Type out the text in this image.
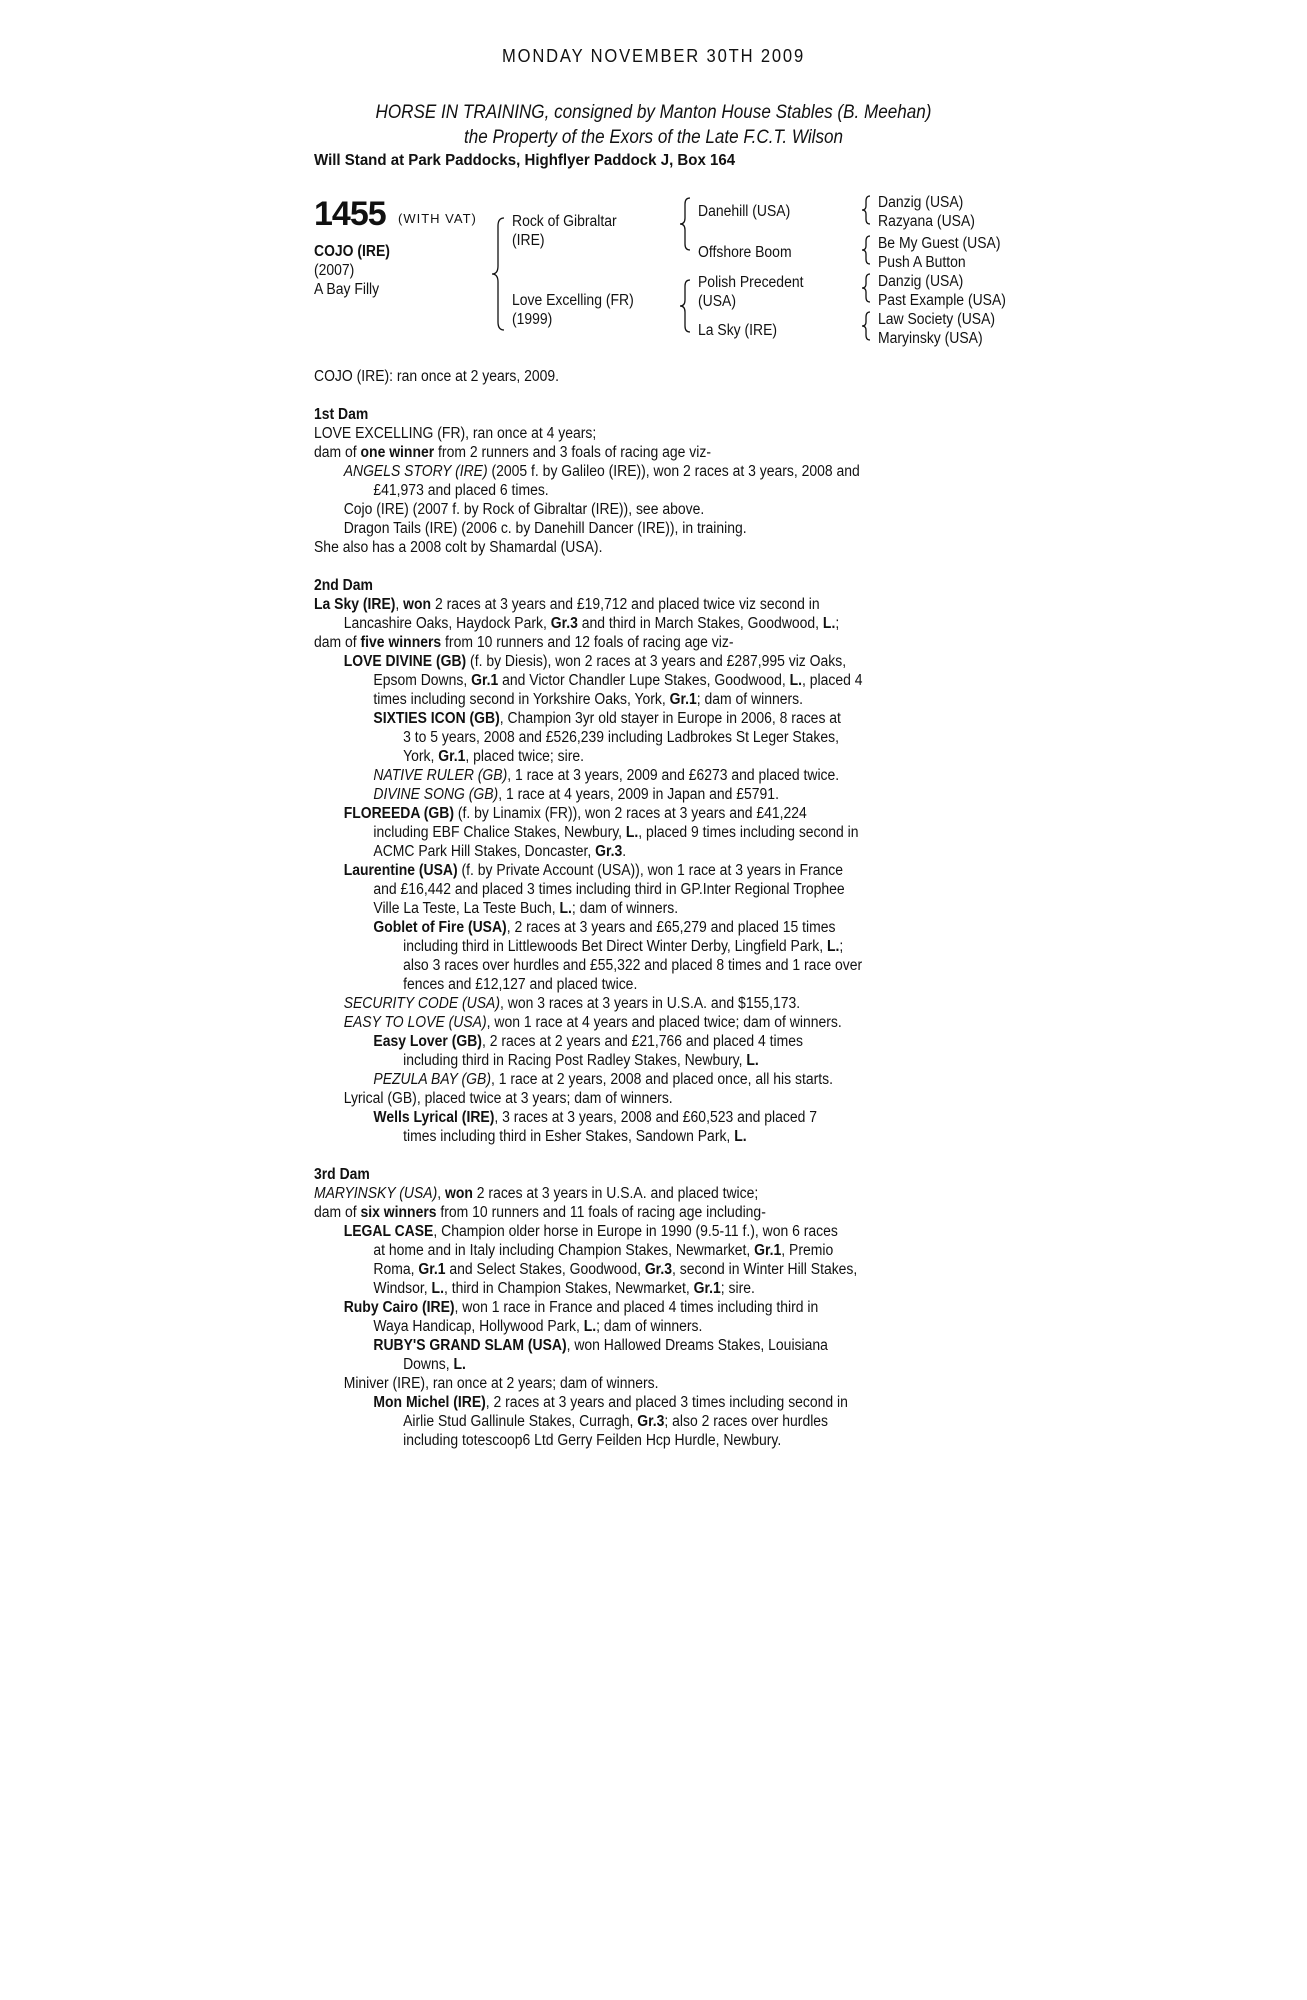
MONDAY NOVEMBER 30TH 2009
HORSE IN TRAINING, consigned by Manton House Stables (B. Meehan)
the Property of the Exors of the Late F.C.T. Wilson
Will Stand at Park Paddocks, Highflyer Paddock J, Box 164
1455 (WITH VAT)
COJO (IRE)
(2007)
A Bay Filly
Rock of Gibraltar
(IRE)
Love Excelling (FR)
(1999)
Danehill (USA)
Offshore Boom
Polish Precedent
(USA)
La Sky (IRE)
Danzig (USA)
Razyana (USA)
Be My Guest (USA)
Push A Button
Danzig (USA)
Past Example (USA)
Law Society (USA)
Maryinsky (USA)
COJO (IRE): ran once at 2 years, 2009.
1st Dam
LOVE EXCELLING (FR), ran once at 4 years;
dam of one winner from 2 runners and 3 foals of racing age viz-
ANGELS STORY (IRE) (2005 f. by Galileo (IRE)), won 2 races at 3 years, 2008 and
£41,973 and placed 6 times.
Cojo (IRE) (2007 f. by Rock of Gibraltar (IRE)), see above.
Dragon Tails (IRE) (2006 c. by Danehill Dancer (IRE)), in training.
She also has a 2008 colt by Shamardal (USA).
2nd Dam
La Sky (IRE), won 2 races at 3 years and £19,712 and placed twice viz second in
Lancashire Oaks, Haydock Park, Gr.3 and third in March Stakes, Goodwood, L.;
dam of five winners from 10 runners and 12 foals of racing age viz-
LOVE DIVINE (GB) (f. by Diesis), won 2 races at 3 years and £287,995 viz Oaks,
Epsom Downs, Gr.1 and Victor Chandler Lupe Stakes, Goodwood, L., placed 4
times including second in Yorkshire Oaks, York, Gr.1; dam of winners.
SIXTIES ICON (GB), Champion 3yr old stayer in Europe in 2006, 8 races at
3 to 5 years, 2008 and £526,239 including Ladbrokes St Leger Stakes,
York, Gr.1, placed twice; sire.
NATIVE RULER (GB), 1 race at 3 years, 2009 and £6273 and placed twice.
DIVINE SONG (GB), 1 race at 4 years, 2009 in Japan and £5791.
FLOREEDA (GB) (f. by Linamix (FR)), won 2 races at 3 years and £41,224
including EBF Chalice Stakes, Newbury, L., placed 9 times including second in
ACMC Park Hill Stakes, Doncaster, Gr.3.
Laurentine (USA) (f. by Private Account (USA)), won 1 race at 3 years in France
and £16,442 and placed 3 times including third in GP.Inter Regional Trophee
Ville La Teste, La Teste Buch, L.; dam of winners.
Goblet of Fire (USA), 2 races at 3 years and £65,279 and placed 15 times
including third in Littlewoods Bet Direct Winter Derby, Lingfield Park, L.;
also 3 races over hurdles and £55,322 and placed 8 times and 1 race over
fences and £12,127 and placed twice.
SECURITY CODE (USA), won 3 races at 3 years in U.S.A. and $155,173.
EASY TO LOVE (USA), won 1 race at 4 years and placed twice; dam of winners.
Easy Lover (GB), 2 races at 2 years and £21,766 and placed 4 times
including third in Racing Post Radley Stakes, Newbury, L.
PEZULA BAY (GB), 1 race at 2 years, 2008 and placed once, all his starts.
Lyrical (GB), placed twice at 3 years; dam of winners.
Wells Lyrical (IRE), 3 races at 3 years, 2008 and £60,523 and placed 7
times including third in Esher Stakes, Sandown Park, L.
3rd Dam
MARYINSKY (USA), won 2 races at 3 years in U.S.A. and placed twice;
dam of six winners from 10 runners and 11 foals of racing age including-
LEGAL CASE, Champion older horse in Europe in 1990 (9.5-11 f.), won 6 races
at home and in Italy including Champion Stakes, Newmarket, Gr.1, Premio
Roma, Gr.1 and Select Stakes, Goodwood, Gr.3, second in Winter Hill Stakes,
Windsor, L., third in Champion Stakes, Newmarket, Gr.1; sire.
Ruby Cairo (IRE), won 1 race in France and placed 4 times including third in
Waya Handicap, Hollywood Park, L.; dam of winners.
RUBY'S GRAND SLAM (USA), won Hallowed Dreams Stakes, Louisiana
Downs, L.
Miniver (IRE), ran once at 2 years; dam of winners.
Mon Michel (IRE), 2 races at 3 years and placed 3 times including second in
Airlie Stud Gallinule Stakes, Curragh, Gr.3; also 2 races over hurdles
including totescoop6 Ltd Gerry Feilden Hcp Hurdle, Newbury.
